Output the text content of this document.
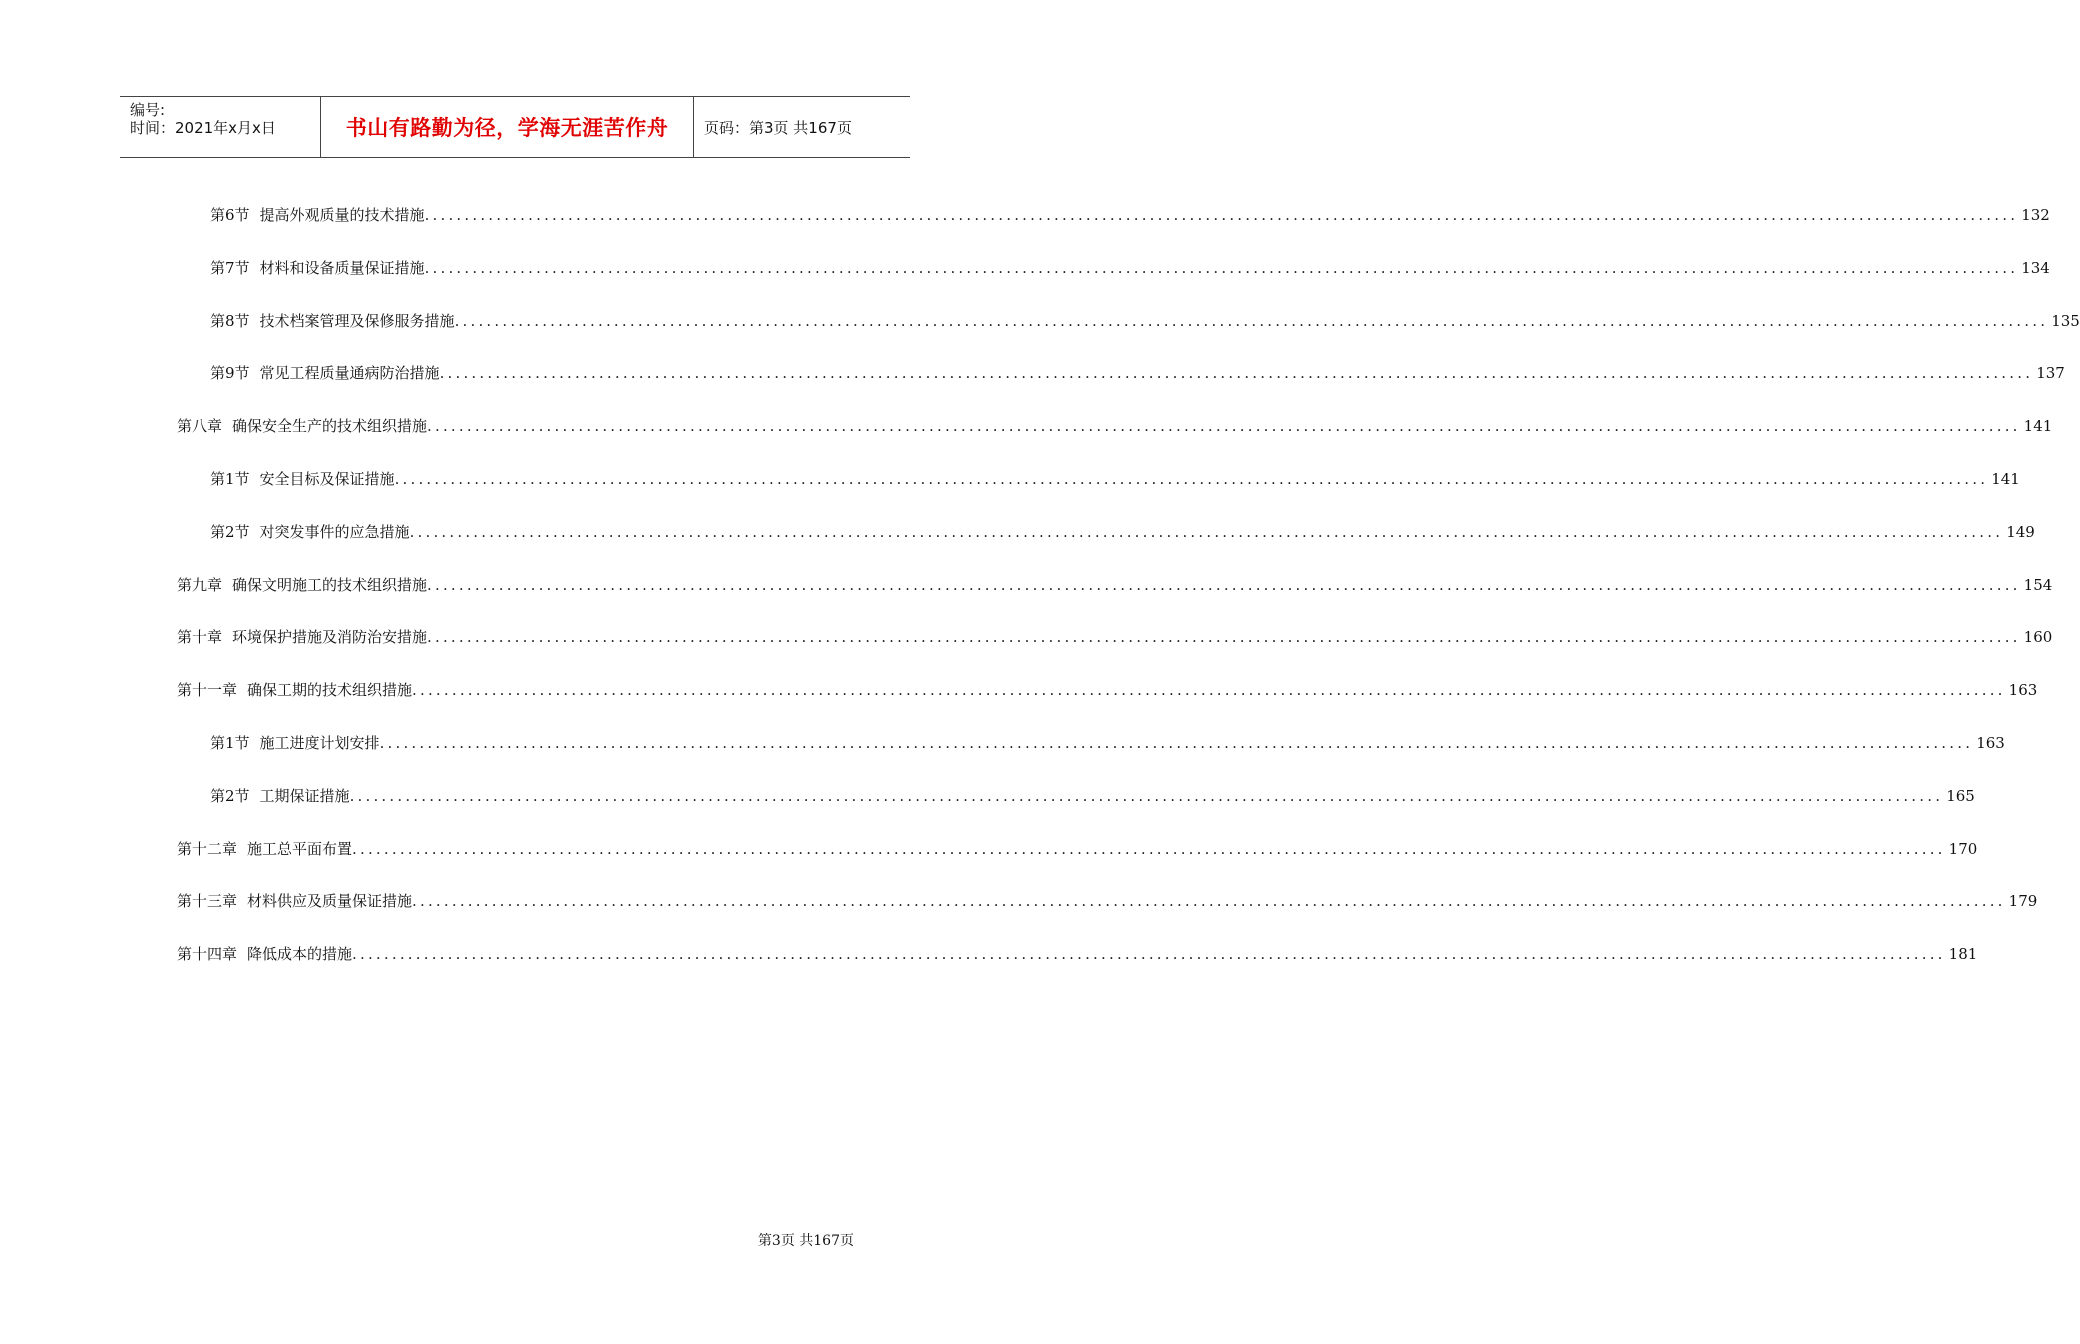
编号:
时间：2021年x月x日	书山有路勤为径，学海无涯苦作舟 页码：第3页 共167页
第6节 提高外观质量的技术措施 ........................................................................................................................................................................................................ 132
第7节 材料和设备质量保证措施 ........................................................................................................................................................................................................ 134
第8节 技术档案管理及保修服务措施 ........................................................................................................................................................................................................ 135
第9节 常见工程质量通病防治措施 ........................................................................................................................................................................................................ 137
第八章 确保安全生产的技术组织措施 ........................................................................................................................................................................................................ 141
第1节 安全目标及保证措施 ........................................................................................................................................................................................................ 141
第2节 对突发事件的应急措施 ........................................................................................................................................................................................................ 149
第九章 确保文明施工的技术组织措施 ........................................................................................................................................................................................................ 154
第十章 环境保护措施及消防治安措施 ........................................................................................................................................................................................................ 160
第十一章 确保工期的技术组织措施 ........................................................................................................................................................................................................ 163
第1节 施工进度计划安排 ........................................................................................................................................................................................................ 163
第2节 工期保证措施 ........................................................................................................................................................................................................ 165
第十二章 施工总平面布置 ........................................................................................................................................................................................................ 170
第十三章 材料供应及质量保证措施 ........................................................................................................................................................................................................ 179
第十四章 降低成本的措施 ........................................................................................................................................................................................................ 181
第3页 共167页
